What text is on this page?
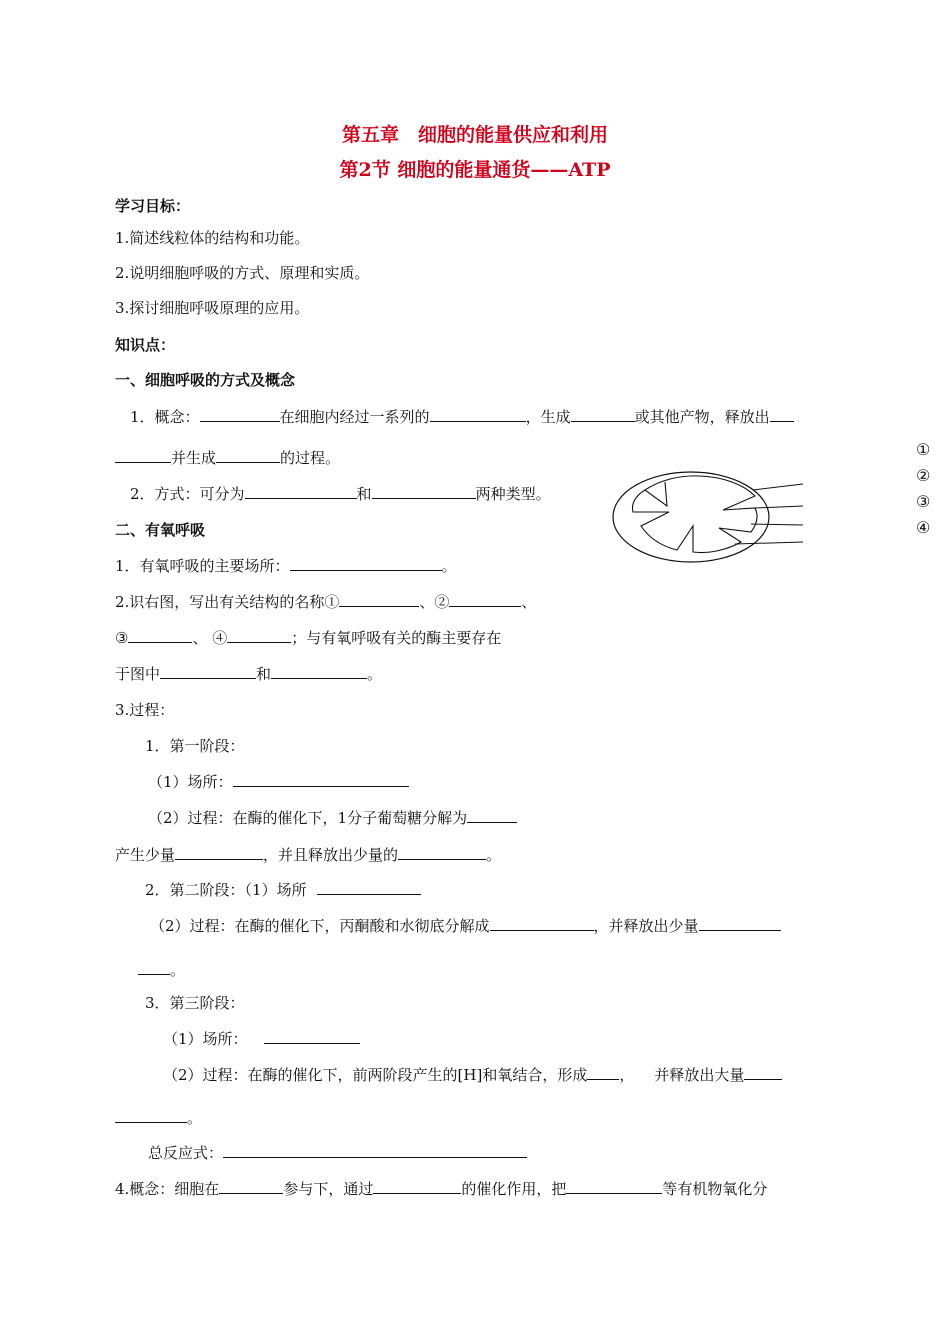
第五章　细胞的能量供应和利用
第2节 细胞的能量通货——ATP
学习目标：
1.简述线粒体的结构和功能。
2.说明细胞呼吸的方式、原理和实质。
3.探讨细胞呼吸原理的应用。
知识点：
一、细胞呼吸的方式及概念
1．概念：	在细胞内经过一系列的	，生成	或其他产物，释放出
并生成	的过程。
2．方式：可分为	和	两种类型。
二、有氧呼吸
1．有氧呼吸的主要场所：	。
2.识右图，写出有关结构的名称①	、②	、
③	、 ④	；与有氧呼吸有关的酶主要存在
于图中	和	。
3.过程：
1．第一阶段：
（1）场所：
（2）过程：在酶的催化下，1分子葡萄糖分解为
产生少量	，并且释放出少量的	。
2．第二阶段：（1）场所
（2）过程：在酶的催化下，丙酮酸和水彻底分解成	，并释放出少量
。
3．第三阶段：
（1）场所：
（2）过程：在酶的催化下，前两阶段产生的[H]和氧结合，形成 ， 并释放出大量
。
总反应式：
4.概念：细胞在	参与下，通过	的催化作用，把	等有机物氧化分
①
②
③
④
